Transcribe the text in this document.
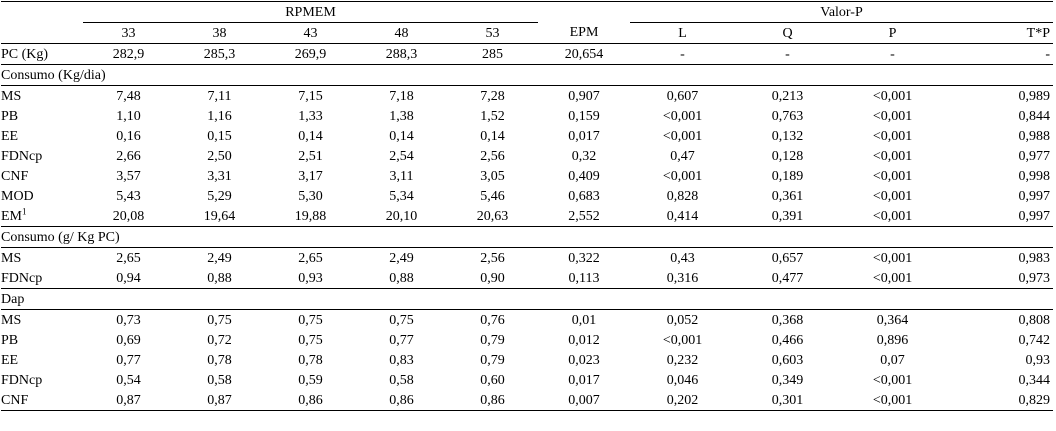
	RPMEM						Valor-P			
	33	38	43	48	53	EPM	L	Q	P	T*P
PC (Kg)	282,9	285,3	269,9	288,3	285	20,654	-	-	-	-
Consumo (Kg/dia)										
MS	7,48	7,11	7,15	7,18	7,28	0,907	0,607	0,213	<0,001	0,989
PB	1,10	1,16	1,33	1,38	1,52	0,159	<0,001	0,763	<0,001	0,844
EE	0,16	0,15	0,14	0,14	0,14	0,017	<0,001	0,132	<0,001	0,988
FDNcp	2,66	2,50	2,51	2,54	2,56	0,32	0,47	0,128	<0,001	0,977
CNF	3,57	3,31	3,17	3,11	3,05	0,409	<0,001	0,189	<0,001	0,998
MOD	5,43	5,29	5,30	5,34	5,46	0,683	0,828	0,361	<0,001	0,997
$EM^1$	20,08	19,64	19,88	20,10	20,63	2,552	0,414	0,391	<0,001	0,997
Consumo (g/ Kg PC)										
MS	2,65	2,49	2,65	2,49	2,56	0,322	0,43	0,657	<0,001	0,983
FDNcp	0,94	0,88	0,93	0,88	0,90	0,113	0,316	0,477	<0,001	0,973
Dap										
MS	0,73	0,75	0,75	0,75	0,76	0,01	0,052	0,368	0,364	0,808
PB	0,69	0,72	0,75	0,77	0,79	0,012	<0,001	0,466	0,896	0,742
EE	0,77	0,78	0,78	0,83	0,79	0,023	0,232	0,603	0,07	0,93
FDNcp	0,54	0,58	0,59	0,58	0,60	0,017	0,046	0,349	<0,001	0,344
CNF	0,87	0,87	0,86	0,86	0,86	0,007	0,202	0,301	<0,001	0,829
